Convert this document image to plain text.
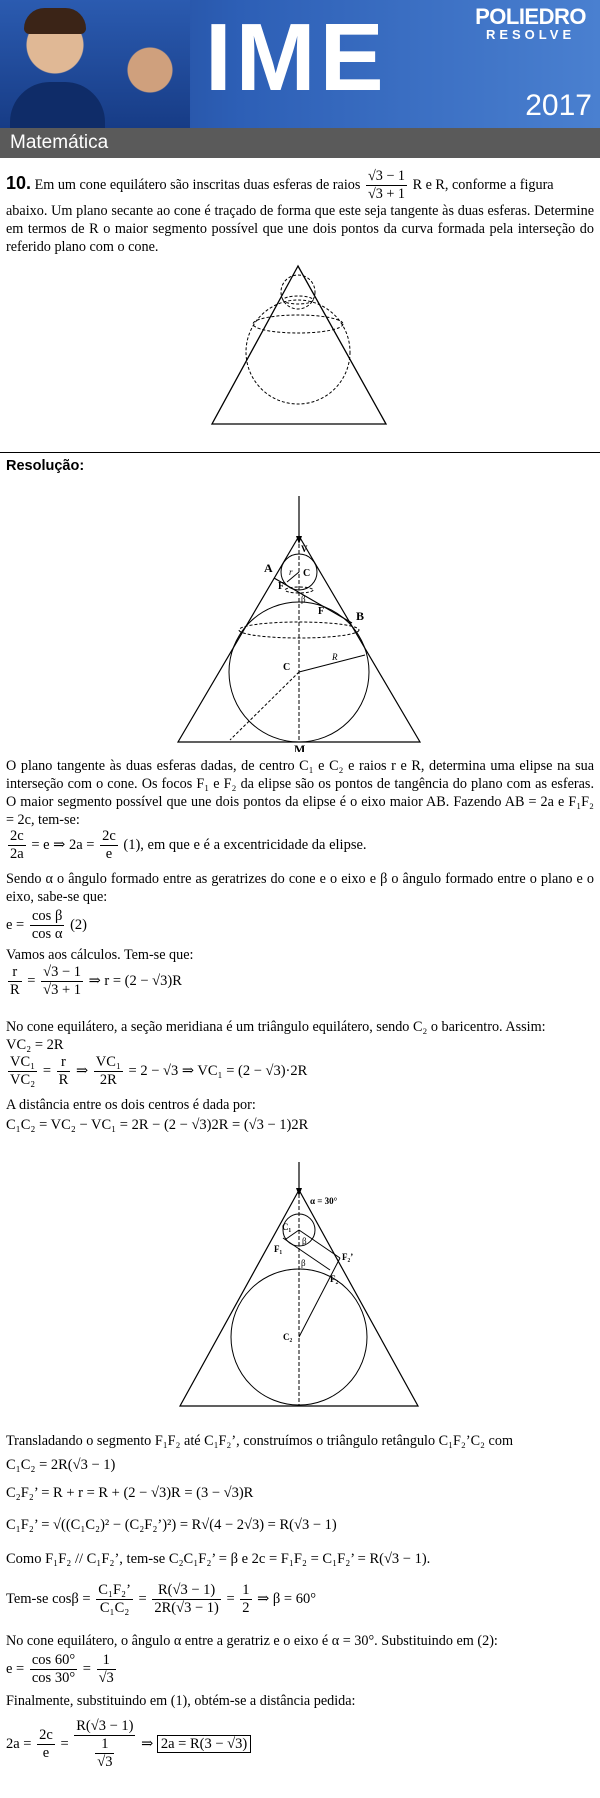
IME	POLIEDRO
RESOLVE
2017
Matemática
10. Em um cone equilátero são inscritas duas esferas de raios $\frac{√3 - 1}{√3 + 1}$ R e R, conforme a figura
abaixo. Um plano secante ao cone é traçado de forma que este seja tangente às duas esferas. Determine em termos de R o maior segmento possível que une dois pontos da curva formada pela interseção do referido plano com o cone.
Resolução:
A
B
M
V
C
C
F
F
r
R
β
O plano tangente às duas esferas dadas, de centro C₁ e C₂ e raios r e R, determina uma elipse na sua interseção com o cone. Os focos F₁ e F₂ da elipse são os pontos de tangência do plano com as esferas. O maior segmento possível que une dois pontos da elipse é o eixo maior AB. Fazendo AB = 2a e F₁F₂ = 2c, tem-se:
$\frac{2c}{2a} = e$ ⇒ $2a = \frac{2c}{e} (1)$, em que e é a excentricidade da elipse.
Sendo α o ângulo formado entre as geratrizes do cone e o eixo e β o ângulo formado entre o plano e o eixo, sabe-se que:
$e = \frac{\text{cos β}}{\text{cos α}} (2)$
Vamos aos cálculos. Tem-se que:
$\frac{r}{R} = \frac{√3 - 1}{√3 + 1}$ ⇒ r = (2 − √3)R
No cone equilátero, a seção meridiana é um triângulo equilátero, sendo C₂ o baricentro. Assim:
VC₂ = 2R
$\frac{\text{VC₁}}{\text{VC₂}} = \frac{r}{R}$ ⇒ $\frac{\text{VC₁}}{2R} = 2 - √3$ ⇒ VC₁ = (2 − √3)·2R
A distância entre os dois centros é dada por:
C₁C₂ = VC₂ − VC₁ = 2R − (2 − √3)2R = (√3 − 1)2R
α = 30°
C₁
C₂
F₁
F₂
F₂’
β
β
Transladando o segmento F₁F₂ até C₁F₂’, construímos o triângulo retângulo C₁F₂’C₂ com
C₁C₂ = 2R(√3 − 1)
C₂F₂’ = R + r = R + (2 − √3)R = (3 − √3)R
C₁F₂’ = √((C₁C₂)² − (C₂F₂’)²) = R√(4 − 2√3) = R(√3 − 1)
Como F₁F₂ // C₁F₂’, tem-se C₂C₁F₂’ = β e 2c = F₁F₂ = C₁F₂’ = R(√3 − 1).
Tem-se $\cos\beta = \frac{\text{C₁F₂’}}{\text{C₁C₂}} = \frac{R(√3 - 1)}{2R(√3 - 1)} = \frac{1}{2}$ ⇒ β = 60°
No cone equilátero, o ângulo α entre a geratriz e o eixo é α = 30°. Substituindo em (2):
$e = \frac{\cos 60^\circ}{\cos 30^\circ} = \frac{1}{√3}$
Finalmente, substituindo em (1), obtém-se a distância pedida:
$2a = \frac{2c}{e} = \frac{R(√3 - 1)}{\frac{1}{√3}}$ ⇒ 2a = R(3 − √3)
